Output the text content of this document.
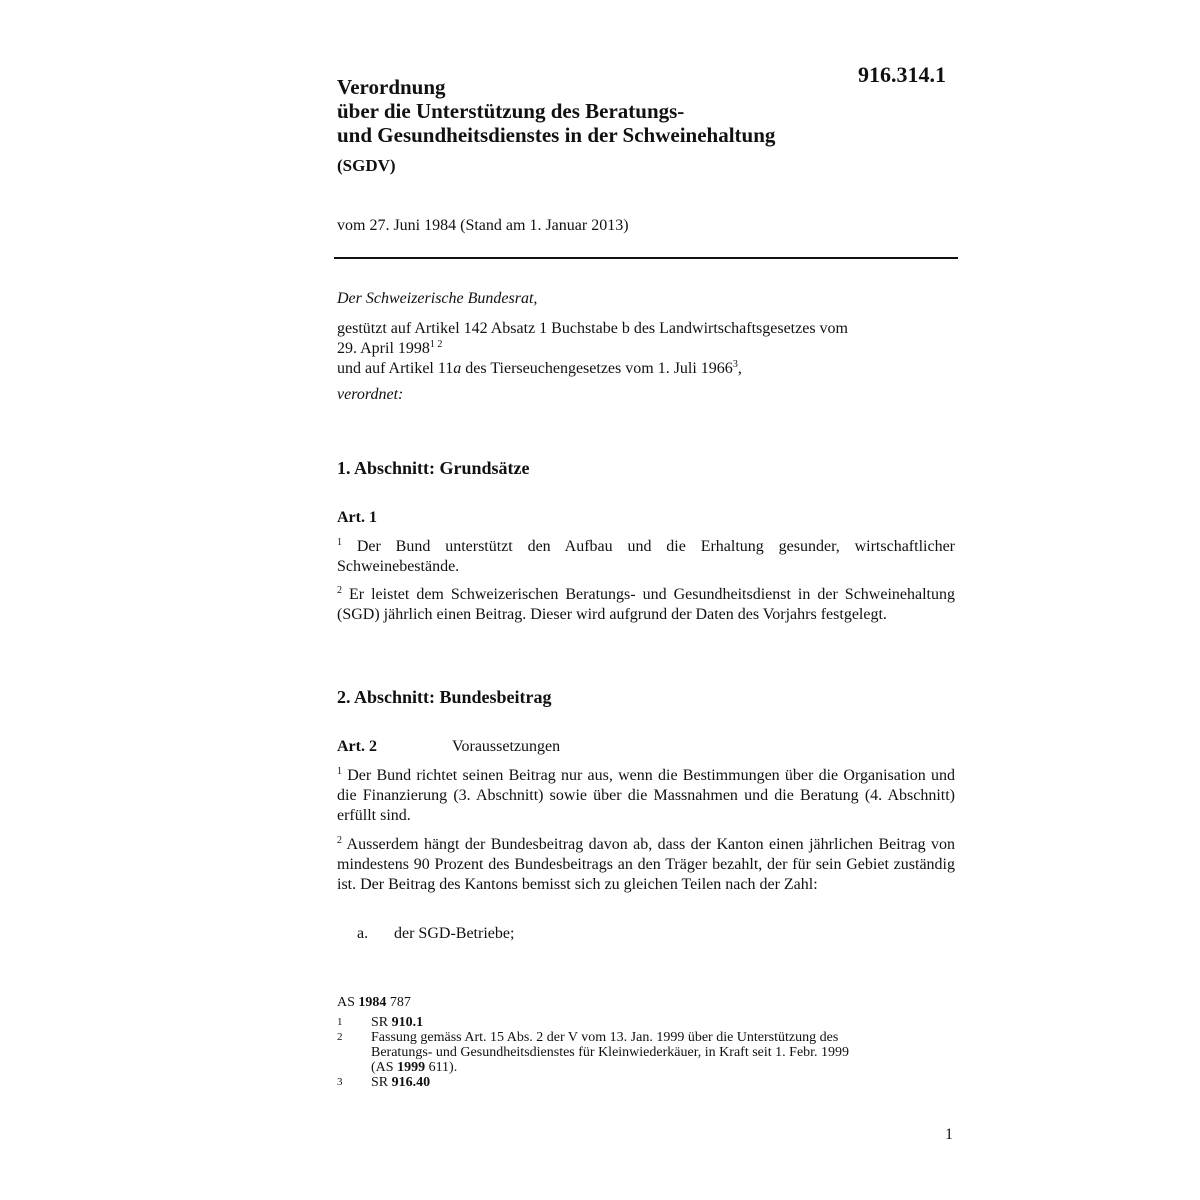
916.314.1
Verordnung
über die Unterstützung des Beratungs-
und Gesundheitsdienstes in der Schweinehaltung
(SGDV)
vom 27. Juni 1984 (Stand am 1. Januar 2013)
Der Schweizerische Bundesrat,
gestützt auf Artikel 142 Absatz 1 Buchstabe b des Landwirtschaftsgesetzes vom
29. April $1998^{1 2}$
und auf Artikel 11a des Tierseuchengesetzes vom 1. Juli 1966$^3$,
verordnet:
1. Abschnitt: Grundsätze
Art. 1
$^1$ Der Bund unterstützt den Aufbau und die Erhaltung gesunder, wirtschaftlicher Schweinebestände.
$^2$ Er leistet dem Schweizerischen Beratungs- und Gesundheitsdienst in der Schweinehaltung (SGD) jährlich einen Beitrag. Dieser wird aufgrund der Daten des Vorjahrs festgelegt.
2. Abschnitt: Bundesbeitrag
Art. 2	Voraussetzungen
$^1$ Der Bund richtet seinen Beitrag nur aus, wenn die Bestimmungen über die Organisation und die Finanzierung (3. Abschnitt) sowie über die Massnahmen und die Beratung (4. Abschnitt) erfüllt sind.
$^2$ Ausserdem hängt der Bundesbeitrag davon ab, dass der Kanton einen jährlichen Beitrag von mindestens 90 Prozent des Bundesbeitrags an den Träger bezahlt, der für sein Gebiet zuständig ist. Der Beitrag des Kantons bemisst sich zu gleichen Teilen nach der Zahl:
a. der SGD-Betriebe;
AS 1984 787
1	SR 910.1
2	Fassung gemäss Art. 15 Abs. 2 der V vom 13. Jan. 1999 über die Unterstützung des
Beratungs- und Gesundheitsdienstes für Kleinwiederkäuer, in Kraft seit 1. Febr. 1999
(AS 1999 611).
3	SR 916.40
1
